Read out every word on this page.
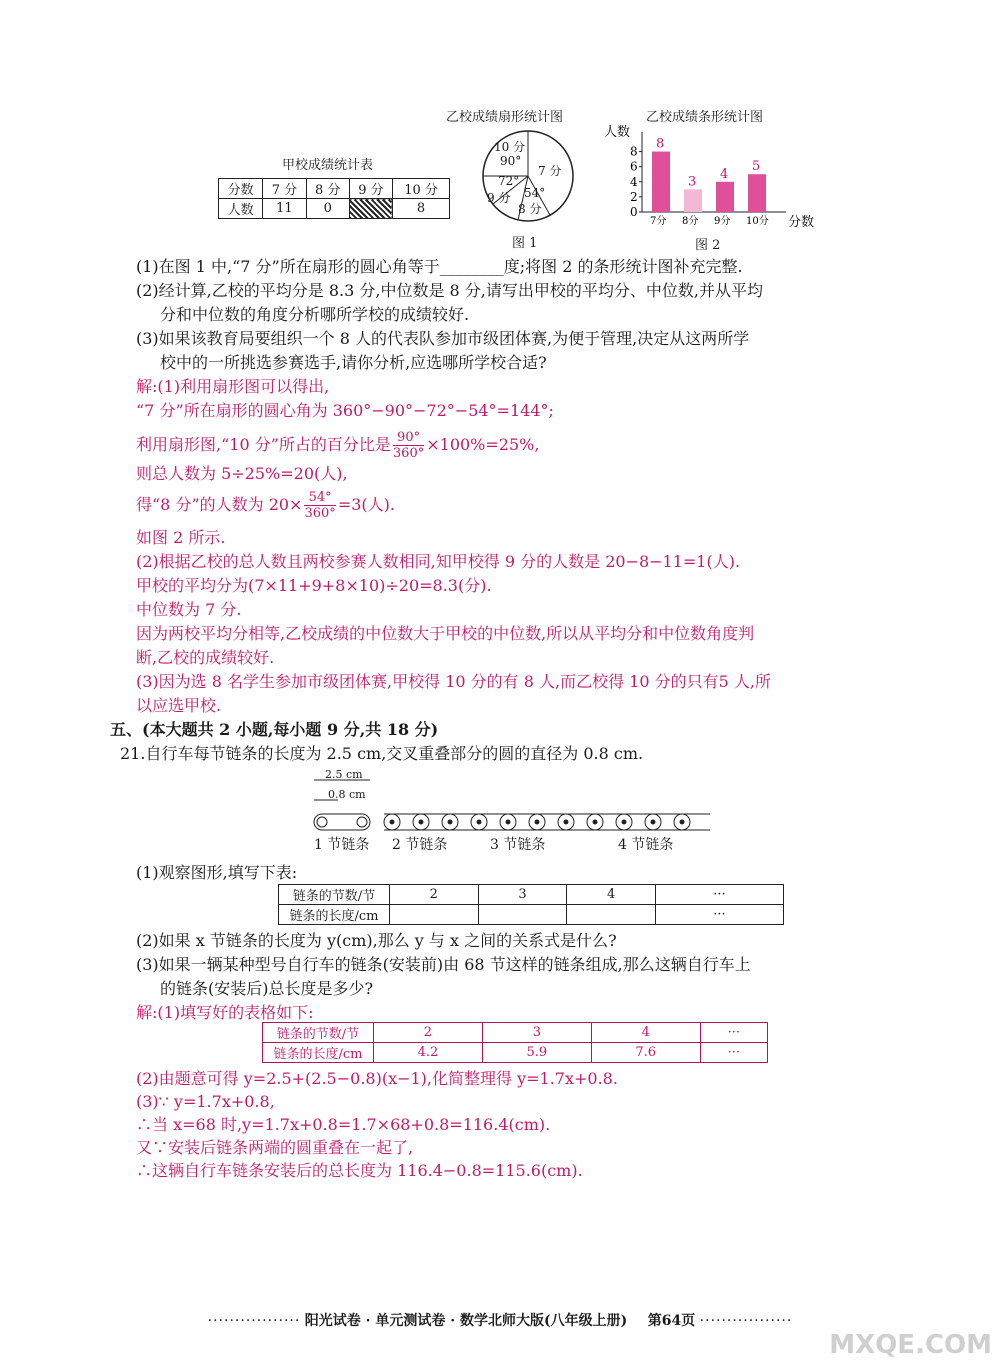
甲校成绩统计表
分数	7 分	8 分	9 分	10 分
人数	11	0		8
乙校成绩扇形统计图
10 分
90°
7 分
72°
9 分 54°
8 分
图 1
乙校成绩条形统计图
人数
分数
0
2
4
6
8 8
7分
3
8分
4
9分
5
10分
图 2
(1)在图 1 中,“7 分”所在扇形的圆心角等于________度;将图 2 的条形统计图补充完整.
(2)经计算,乙校的平均分是 8.3 分,中位数是 8 分,请写出甲校的平均分、中位数,并从平均
分和中位数的角度分析哪所学校的成绩较好.
(3)如果该教育局要组织一个 8 人的代表队参加市级团体赛,为便于管理,决定从这两所学
校中的一所挑选参赛选手,请你分析,应选哪所学校合适?
解:(1)利用扇形图可以得出,
“7 分”所在扇形的圆心角为 360°−90°−72°−54°=144°;
利用扇形图,“10 分”所占的百分比是 $\frac{90^\circ}{360^\circ} \times 100\%=25\%$,
则总人数为 5÷25%=20(人),
得“8 分”的人数为 $20\times \frac{54^\circ}{360^\circ} =3$(人).
如图 2 所示.
(2)根据乙校的总人数且两校参赛人数相同,知甲校得 9 分的人数是 20−8−11=1(人).
甲校的平均分为(7×11+9+8×10)÷20=8.3(分).
中位数为 7 分.
因为两校平均分相等,乙校成绩的中位数大于甲校的中位数,所以从平均分和中位数角度判
断,乙校的成绩较好.
(3)因为选 8 名学生参加市级团体赛,甲校得 10 分的有 8 人,而乙校得 10 分的只有5 人,所
以应选甲校.
五、(本大题共 2 小题,每小题 9 分,共 18 分)
21.自行车每节链条的长度为 2.5 cm,交叉重叠部分的圆的直径为 0.8 cm.
2.5 cm
0.8 cm
1 节链条 2 节链条	3 节链条	4 节链条
(1)观察图形,填写下表:
链条的节数/节	2	3	4	···
链条的长度/cm				···
(2)如果 x 节链条的长度为 y(cm),那么 y 与 x 之间的关系式是什么?
(3)如果一辆某种型号自行车的链条(安装前)由 68 节这样的链条组成,那么这辆自行车上
的链条(安装后)总长度是多少?
解:(1)填写好的表格如下:
链条的节数/节	2	3	4	···
链条的长度/cm	4.2	5.9	7.6	···
(2)由题意可得 y=2.5+(2.5−0.8)(x−1),化简整理得 y=1.7x+0.8.
(3)∵ y=1.7x+0.8,
∴当 x=68 时,y=1.7x+0.8=1.7×68+0.8=116.4(cm).
又∵安装后链条两端的圆重叠在一起了,
∴这辆自行车链条安装后的总长度为 116.4−0.8=115.6(cm).
················· 阳光试卷 · 单元测试卷 · 数学北师大版(八年级上册) 第64页 ·················
MXQE.COM
